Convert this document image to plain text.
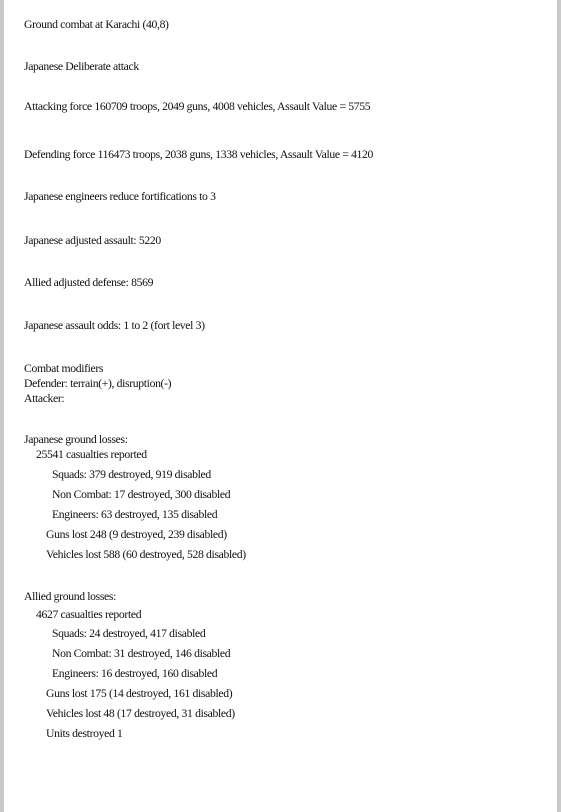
Ground combat at Karachi (40,8)
Japanese Deliberate attack
Attacking force 160709 troops, 2049 guns, 4008 vehicles, Assault Value = 5755
Defending force 116473 troops, 2038 guns, 1338 vehicles, Assault Value = 4120
Japanese engineers reduce fortifications to 3
Japanese adjusted assault: 5220
Allied adjusted defense: 8569
Japanese assault odds: 1 to 2 (fort level 3)
Combat modifiers
Defender: terrain(+), disruption(-)
Attacker:
Japanese ground losses:
25541 casualties reported
Squads: 379 destroyed, 919 disabled
Non Combat: 17 destroyed, 300 disabled
Engineers: 63 destroyed, 135 disabled
Guns lost 248 (9 destroyed, 239 disabled)
Vehicles lost 588 (60 destroyed, 528 disabled)
Allied ground losses:
4627 casualties reported
Squads: 24 destroyed, 417 disabled
Non Combat: 31 destroyed, 146 disabled
Engineers: 16 destroyed, 160 disabled
Guns lost 175 (14 destroyed, 161 disabled)
Vehicles lost 48 (17 destroyed, 31 disabled)
Units destroyed 1
